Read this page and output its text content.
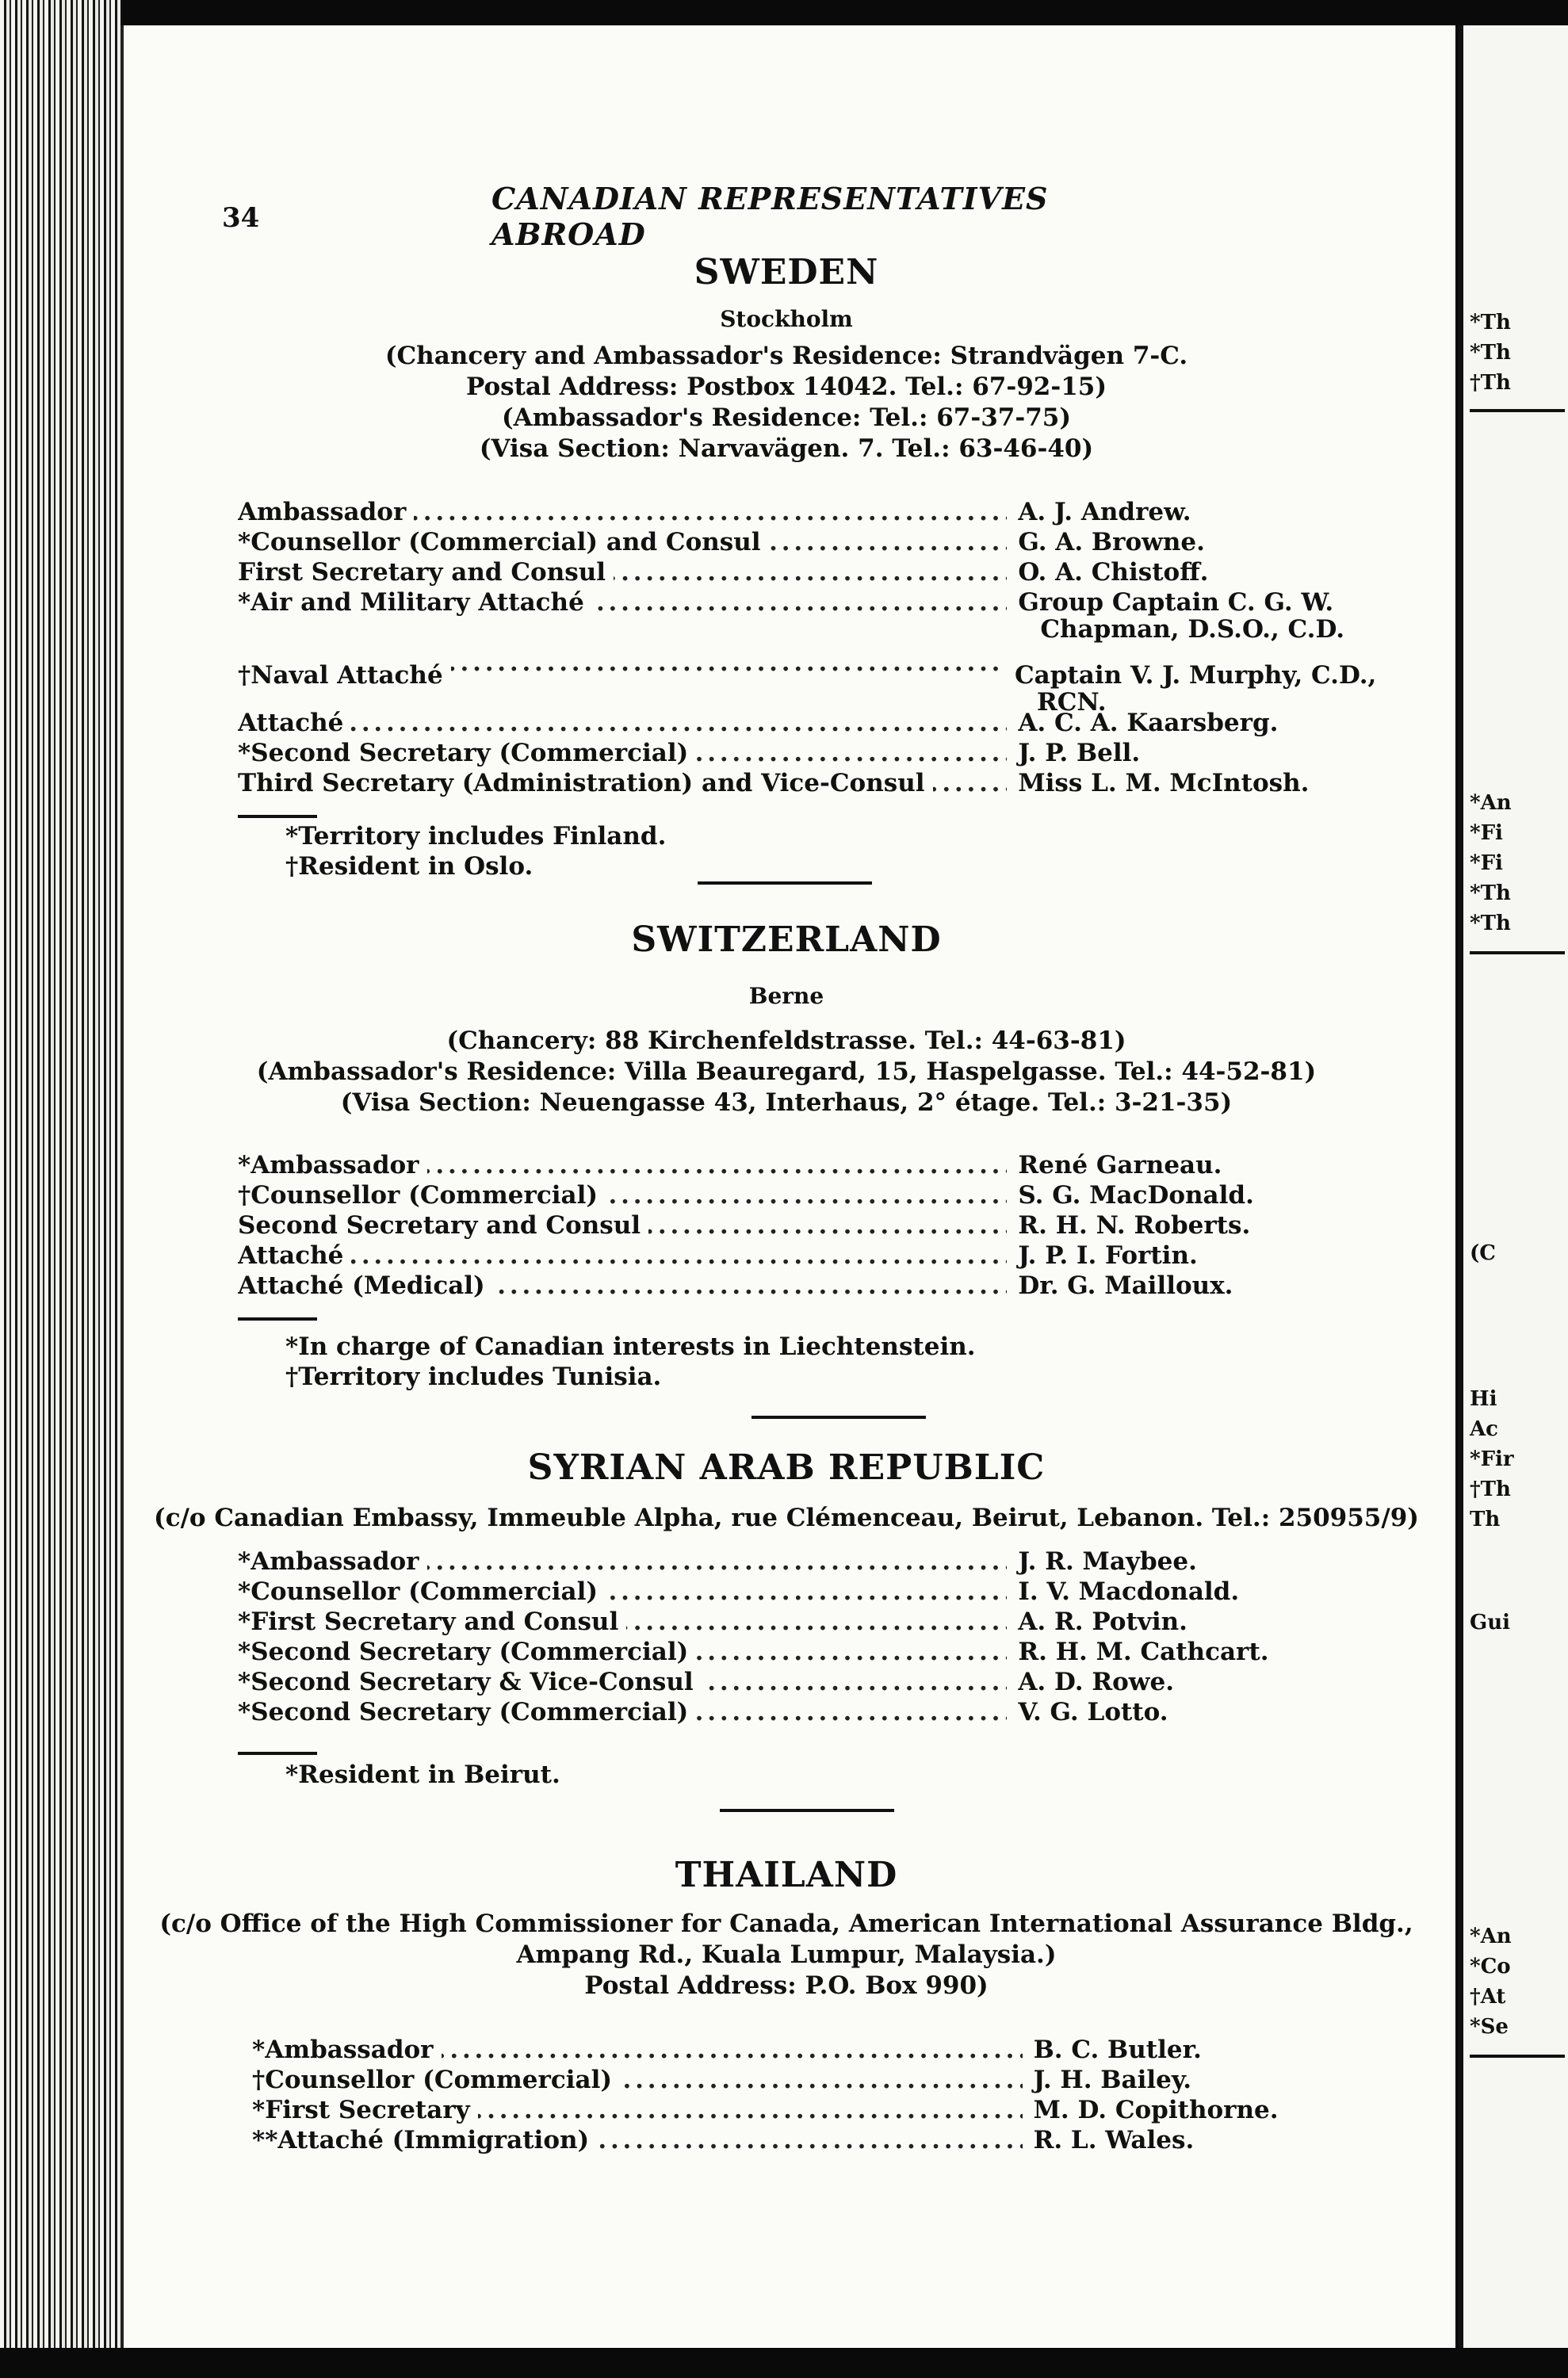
34
CANADIAN REPRESENTATIVES ABROAD
SWEDEN
Stockholm
(Chancery and Ambassador's Residence: Strandvägen 7-C.
Postal Address: Postbox 14042. Tel.: 67-92-15)
(Ambassador's Residence: Tel.: 67-37-75)
(Visa Section: Narvavägen. 7. Tel.: 63-46-40)
Ambassador . . .	A. J. Andrew.
*Counsellor (Commercial) and Consul . . .	G. A. Browne.
First Secretary and Consul . . .	O. A. Chistoff.
*Air and Military Attaché . . .	Group Captain C. G. W.
Chapman, D.S.O., C.D.
†Naval Attaché . . .	Captain V. J. Murphy, C.D.,
RCN.
Attaché . . .	A. C. A. Kaarsberg.
*Second Secretary (Commercial) . . .	J. P. Bell.
Third Secretary (Administration) and Vice-Consul . . .	Miss L. M. McIntosh.
*Territory includes Finland.
†Resident in Oslo.
SWITZERLAND
Berne
(Chancery: 88 Kirchenfeldstrasse. Tel.: 44-63-81)
(Ambassador's Residence: Villa Beauregard, 15, Haspelgasse. Tel.: 44-52-81)
(Visa Section: Neuengasse 43, Interhaus, 2° étage. Tel.: 3-21-35)
*Ambassador . . .	René Garneau.
†Counsellor (Commercial) . . .	S. G. MacDonald.
Second Secretary and Consul . . .	R. H. N. Roberts.
Attaché . . .	J. P. I. Fortin.
Attaché (Medical) . . .	Dr. G. Mailloux.
*In charge of Canadian interests in Liechtenstein.
†Territory includes Tunisia.
SYRIAN ARAB REPUBLIC
(c/o Canadian Embassy, Immeuble Alpha, rue Clémenceau, Beirut, Lebanon. Tel.: 250955/9)
*Ambassador . . .	J. R. Maybee.
*Counsellor (Commercial) . . .	I. V. Macdonald.
*First Secretary and Consul . . .	A. R. Potvin.
*Second Secretary (Commercial) . . .	R. H. M. Cathcart.
*Second Secretary & Vice-Consul . . .	A. D. Rowe.
*Second Secretary (Commercial) . . .	V. G. Lotto.
*Resident in Beirut.
THAILAND
(c/o Office of the High Commissioner for Canada, American International Assurance Bldg.,
Ampang Rd., Kuala Lumpur, Malaysia.)
Postal Address: P.O. Box 990)
*Ambassador . . .	B. C. Butler.
†Counsellor (Commercial) . . .	J. H. Bailey.
*First Secretary . . .	M. D. Copithorne.
**Attaché (Immigration) . . .	R. L. Wales.
*Th
*Th
†Th
*An
*Fi
*Fi
*Th
*Th
(C
Hi
Ac
*Fir
†Th
Th
Gui
*An
*Co
†At
*Se
